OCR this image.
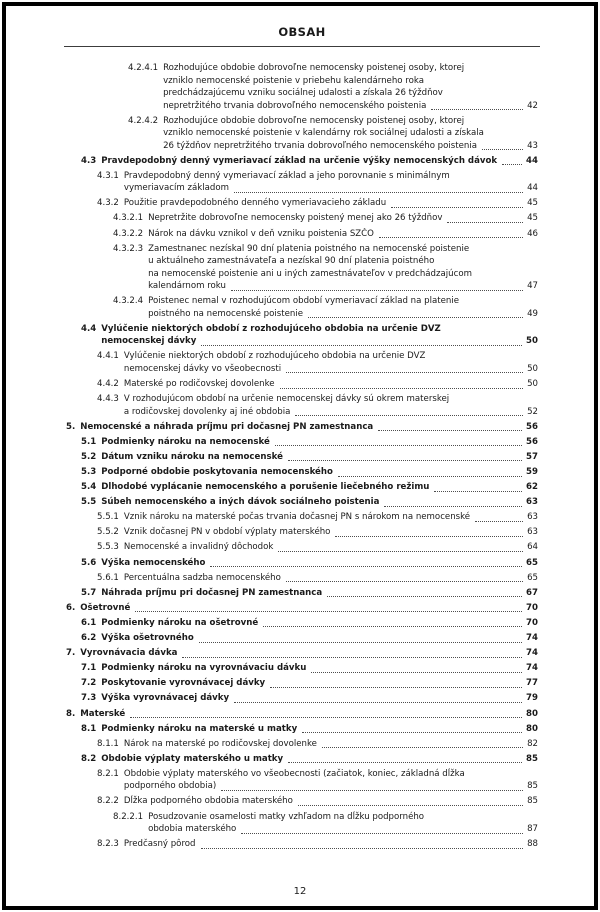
OBSAH
4.2.4.1 Rozhodujúce obdobie dobrovoľne nemocensky poistenej osoby, ktorej
vzniklo nemocenské poistenie v priebehu kalendárneho roka
predchádzajúcemu vzniku sociálnej udalosti a získala 26 týždňov
nepretržitého trvania dobrovoľného nemocenského poistenia	42
4.2.4.2 Rozhodujúce obdobie dobrovoľne nemocensky poistenej osoby, ktorej
vzniklo nemocenské poistenie v kalendárny rok sociálnej udalosti a získala
26 týždňov nepretržitého trvania dobrovoľného nemocenského poistenia	43
4.3 Pravdepodobný denný vymeriavací základ na určenie výšky nemocenských dávok	44
4.3.1 Pravdepodobný denný vymeriavací základ a jeho porovnanie s minimálnym
vymeriavacím základom	44
4.3.2 Použitie pravdepodobného denného vymeriavacieho základu	45
4.3.2.1 Nepretržite dobrovoľne nemocensky poistený menej ako 26 týždňov	45
4.3.2.2 Nárok na dávku vznikol v deň vzniku poistenia SZČO	46
4.3.2.3 Zamestnanec nezískal 90 dní platenia poistného na nemocenské poistenie
u aktuálneho zamestnávateľa a nezískal 90 dní platenia poistného
na nemocenské poistenie ani u iných zamestnávateľov v predchádzajúcom
kalendárnom roku	47
4.3.2.4 Poistenec nemal v rozhodujúcom období vymeriavací základ na platenie
poistného na nemocenské poistenie	49
4.4 Vylúčenie niektorých období z rozhodujúceho obdobia na určenie DVZ
nemocenskej dávky	50
4.4.1 Vylúčenie niektorých období z rozhodujúceho obdobia na určenie DVZ
nemocenskej dávky vo všeobecnosti	50
4.4.2 Materské po rodičovskej dovolenke	50
4.4.3 V rozhodujúcom období na určenie nemocenskej dávky sú okrem materskej
a rodičovskej dovolenky aj iné obdobia	52
5. Nemocenské a náhrada príjmu pri dočasnej PN zamestnanca	56
5.1 Podmienky nároku na nemocenské	56
5.2 Dátum vzniku nároku na nemocenské	57
5.3 Podporné obdobie poskytovania nemocenského	59
5.4 Dlhodobé vyplácanie nemocenského a porušenie liečebného režimu	62
5.5 Súbeh nemocenského a iných dávok sociálneho poistenia	63
5.5.1 Vznik nároku na materské počas trvania dočasnej PN s nárokom na nemocenské	63
5.5.2 Vznik dočasnej PN v období výplaty materského	63
5.5.3 Nemocenské a invalidný dôchodok	64
5.6 Výška nemocenského	65
5.6.1 Percentuálna sadzba nemocenského	65
5.7 Náhrada príjmu pri dočasnej PN zamestnanca	67
6. Ošetrovné	70
6.1 Podmienky nároku na ošetrovné	70
6.2 Výška ošetrovného	74
7. Vyrovnávacia dávka	74
7.1 Podmienky nároku na vyrovnávaciu dávku	74
7.2 Poskytovanie vyrovnávacej dávky	77
7.3 Výška vyrovnávacej dávky	79
8. Materské	80
8.1 Podmienky nároku na materské u matky	80
8.1.1 Nárok na materské po rodičovskej dovolenke	82
8.2 Obdobie výplaty materského u matky	85
8.2.1 Obdobie výplaty materského vo všeobecnosti (začiatok, koniec, základná dĺžka
podporného obdobia)	85
8.2.2 Dĺžka podporného obdobia materského	85
8.2.2.1 Posudzovanie osamelosti matky vzhľadom na dĺžku podporného
obdobia materského	87
8.2.3 Predčasný pôrod	88
12
